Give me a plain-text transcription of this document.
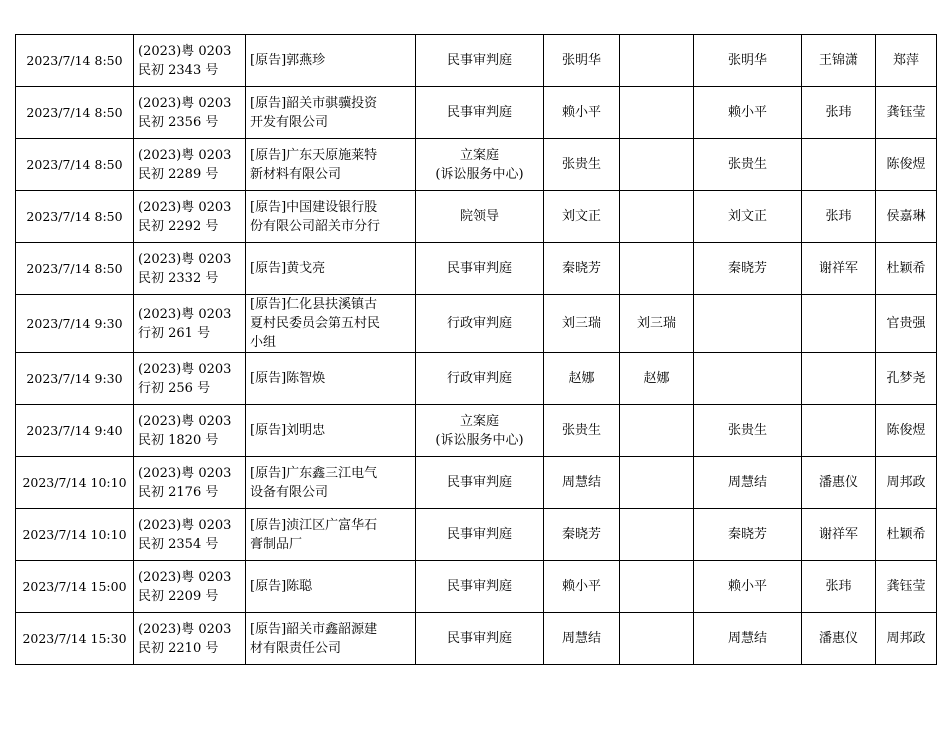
2023/7/14 8:50	(2023)粤 0203
民初 2343 号	[原告]郭燕珍	民事审判庭	张明华		张明华	王锦潇	郑萍
2023/7/14 8:50	(2023)粤 0203
民初 2356 号	[原告]韶关市骐骥投资
开发有限公司	民事审判庭	赖小平		赖小平	张玮	龚钰莹
2023/7/14 8:50	(2023)粤 0203
民初 2289 号	[原告]广东天原施莱特
新材料有限公司	立案庭
(诉讼服务中心)	张贵生		张贵生		陈俊煜
2023/7/14 8:50	(2023)粤 0203
民初 2292 号	[原告]中国建设银行股
份有限公司韶关市分行	院领导	刘文正		刘文正	张玮	侯嘉琳
2023/7/14 8:50	(2023)粤 0203
民初 2332 号	[原告]黄戈亮	民事审判庭	秦晓芳		秦晓芳	谢祥军	杜颖希
2023/7/14 9:30	(2023)粤 0203
行初 261 号	[原告]仁化县扶溪镇古
夏村民委员会第五村民
小组	行政审判庭	刘三瑞	刘三瑞			官贵强
2023/7/14 9:30	(2023)粤 0203
行初 256 号	[原告]陈智焕	行政审判庭	赵娜	赵娜			孔梦尧
2023/7/14 9:40	(2023)粤 0203
民初 1820 号	[原告]刘明忠	立案庭
(诉讼服务中心)	张贵生		张贵生		陈俊煜
2023/7/14 10:10	(2023)粤 0203
民初 2176 号	[原告]广东鑫三江电气
设备有限公司	民事审判庭	周慧结		周慧结	潘惠仪	周邦政
2023/7/14 10:10	(2023)粤 0203
民初 2354 号	[原告]浈江区广富华石
膏制品厂	民事审判庭	秦晓芳		秦晓芳	谢祥军	杜颖希
2023/7/14 15:00	(2023)粤 0203
民初 2209 号	[原告]陈聪	民事审判庭	赖小平		赖小平	张玮	龚钰莹
2023/7/14 15:30	(2023)粤 0203
民初 2210 号	[原告]韶关市鑫韶源建
材有限责任公司	民事审判庭	周慧结		周慧结	潘惠仪	周邦政
